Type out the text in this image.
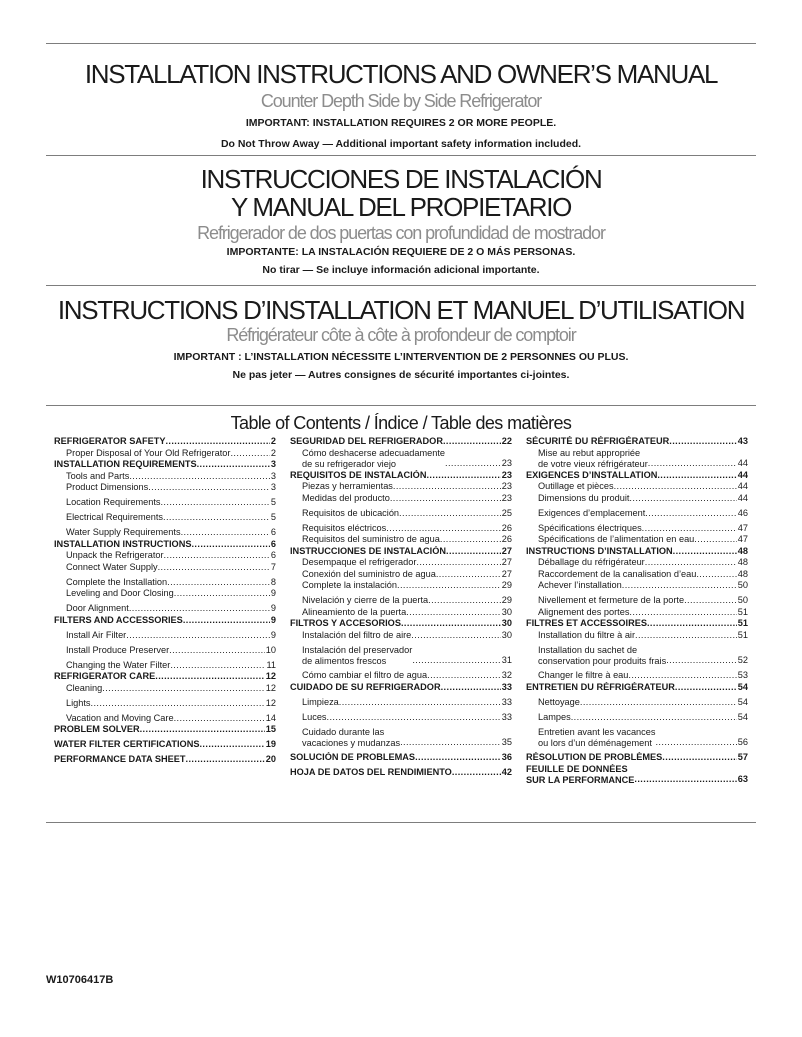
INSTALLATION INSTRUCTIONS AND OWNER’S MANUAL

Counter Depth Side by Side Refrigerator

IMPORTANT: INSTALLATION REQUIRES 2 OR MORE PEOPLE.

Do Not Throw Away — Additional important safety information included.

INSTRUCCIONES DE INSTALACIÓN

Y MANUAL DEL PROPIETARIO

Refrigerador de dos puertas con profundidad de mostrador

IMPORTANTE: LA INSTALACIÓN REQUIERE DE 2 O MÁS PERSONAS.

No tirar — Se incluye información adicional importante.

INSTRUCTIONS D’INSTALLATION ET MANUEL D’UTILISATION

Réfrigérateur côte à côte à profondeur de comptoir

IMPORTANT : L’INSTALLATION NÉCESSITE L’INTERVENTION DE 2 PERSONNES OU PLUS.

Ne pas jeter — Autres consignes de sécurité importantes ci-jointes.

Table of Contents / Índice / Table des matières
REFRIGERATOR SAFETY .....	2
Proper Disposal of Your Old Refrigerator .....	2
INSTALLATION REQUIREMENTS .....	3
Tools and Parts .....	3
Product Dimensions .....	3
Location Requirements .....	5
Electrical Requirements .....	5
Water Supply Requirements .....	6
INSTALLATION INSTRUCTIONS .....	6
Unpack the Refrigerator .....	6
Connect Water Supply .....	7
Complete the Installation .....	8
Leveling and Door Closing .....	9
Door Alignment .....	9
FILTERS AND ACCESSORIES .....	9
Install Air Filter .....	9
Install Produce Preserver .....	10
Changing the Water Filter .....	11
REFRIGERATOR CARE .....	12
Cleaning .....	12
Lights .....	12
Vacation and Moving Care .....	14
PROBLEM SOLVER .....	15
WATER FILTER CERTIFICATIONS .....	19
PERFORMANCE DATA SHEET .....	20
SEGURIDAD DEL REFRIGERADOR .....	22
Cómo deshacerse adecuadamente
de su refrigerador viejo .....	23
REQUISITOS DE INSTALACIÓN .....	23
Piezas y herramientas .....	23
Medidas del producto .....	23
Requisitos de ubicación .....	25
Requisitos eléctricos .....	26
Requisitos del suministro de agua .....	26
INSTRUCCIONES DE INSTALACIÓN .....	27
Desempaque el refrigerador .....	27
Conexión del suministro de agua .....	27
Complete la instalación .....	29
Nivelación y cierre de la puerta .....	29
Alineamiento de la puerta .....	30
FILTROS Y ACCESORIOS .....	30
Instalación del filtro de aire .....	30
Instalación del preservador
de alimentos frescos .....	31
Cómo cambiar el filtro de agua .....	32
CUIDADO DE SU REFRIGERADOR .....	33
Limpieza .....	33
Luces .....	33
Cuidado durante las
vacaciones y mudanzas .....	35
SOLUCIÓN DE PROBLEMAS .....	36
HOJA DE DATOS DEL RENDIMIENTO .....	42
SÉCURITÉ DU RÉFRIGÉRATEUR .....	43
Mise au rebut appropriée
de votre vieux réfrigérateur .....	44
EXIGENCES D’INSTALLATION .....	44
Outillage et pièces .....	44
Dimensions du produit .....	44
Exigences d’emplacement .....	46
Spécifications électriques .....	47
Spécifications de l’alimentation en eau .....	47
INSTRUCTIONS D’INSTALLATION .....	48
Déballage du réfrigérateur .....	48
Raccordement de la canalisation d’eau .....	48
Achever l’installation .....	50
Nivellement et fermeture de la porte .....	50
Alignement des portes .....	51
FILTRES ET ACCESSOIRES .....	51
Installation du filtre à air .....	51
Installation du sachet de
conservation pour produits frais .....	52
Changer le filtre à eau .....	53
ENTRETIEN DU RÉFRIGÉRATEUR .....	54
Nettoyage .....	54
Lampes .....	54
Entretien avant les vacances
ou lors d’un déménagement .....	56
RÉSOLUTION DE PROBLÈMES .....	57
FEUILLE DE DONNÉES
SUR LA PERFORMANCE .....	63
W10706417B
